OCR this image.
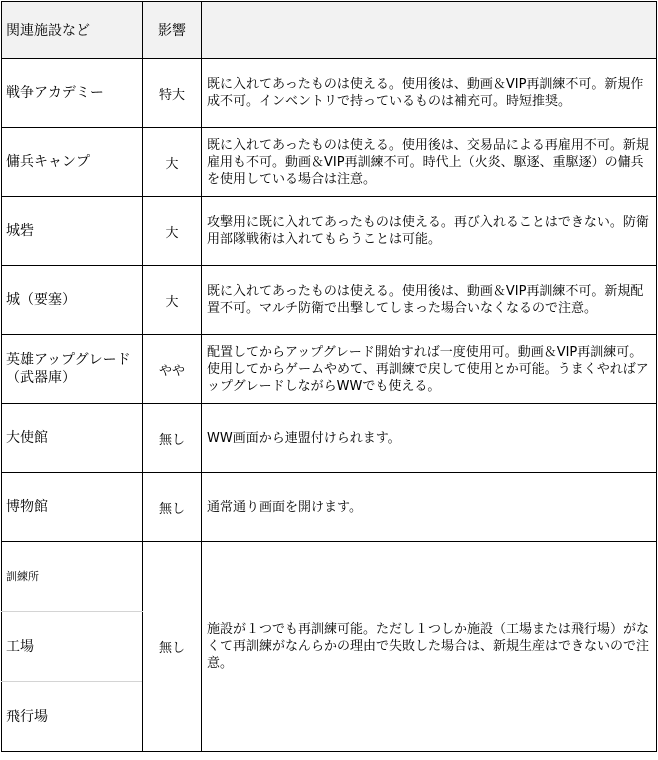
関連施設など	影響	
戦争アカデミー	特大	既に入れてあったものは使える。使用後は、動画＆VIP再訓練不可。新規作成不可。インベントリで持っているものは補充可。時短推奨。
傭兵キャンプ	大	既に入れてあったものは使える。使用後は、交易品による再雇用不可。新規雇用も不可。動画＆VIP再訓練不可。時代上（火炎、駆逐、重駆逐）の傭兵を使用している場合は注意。
城砦	大	攻撃用に既に入れてあったものは使える。再び入れることはできない。防衛用部隊戦術は入れてもらうことは可能。
城（要塞）	大	既に入れてあったものは使える。使用後は、動画＆VIP再訓練不可。新規配置不可。マルチ防衛で出撃してしまった場合いなくなるので注意。
英雄アップグレード（武器庫）	やや	配置してからアップグレード開始すれば一度使用可。動画＆VIP再訓練可。使用してからゲームやめて、再訓練で戻して使用とか可能。うまくやればアップグレードしながらWWでも使える。
大使館	無し	WW画面から連盟付けられます。
博物館	無し	通常通り画面を開けます。
訓練所	無し	施設が１つでも再訓練可能。ただし１つしか施設（工場または飛行場）がなくて再訓練がなんらかの理由で失敗した場合は、新規生産はできないので注意。
工場		
飛行場		
